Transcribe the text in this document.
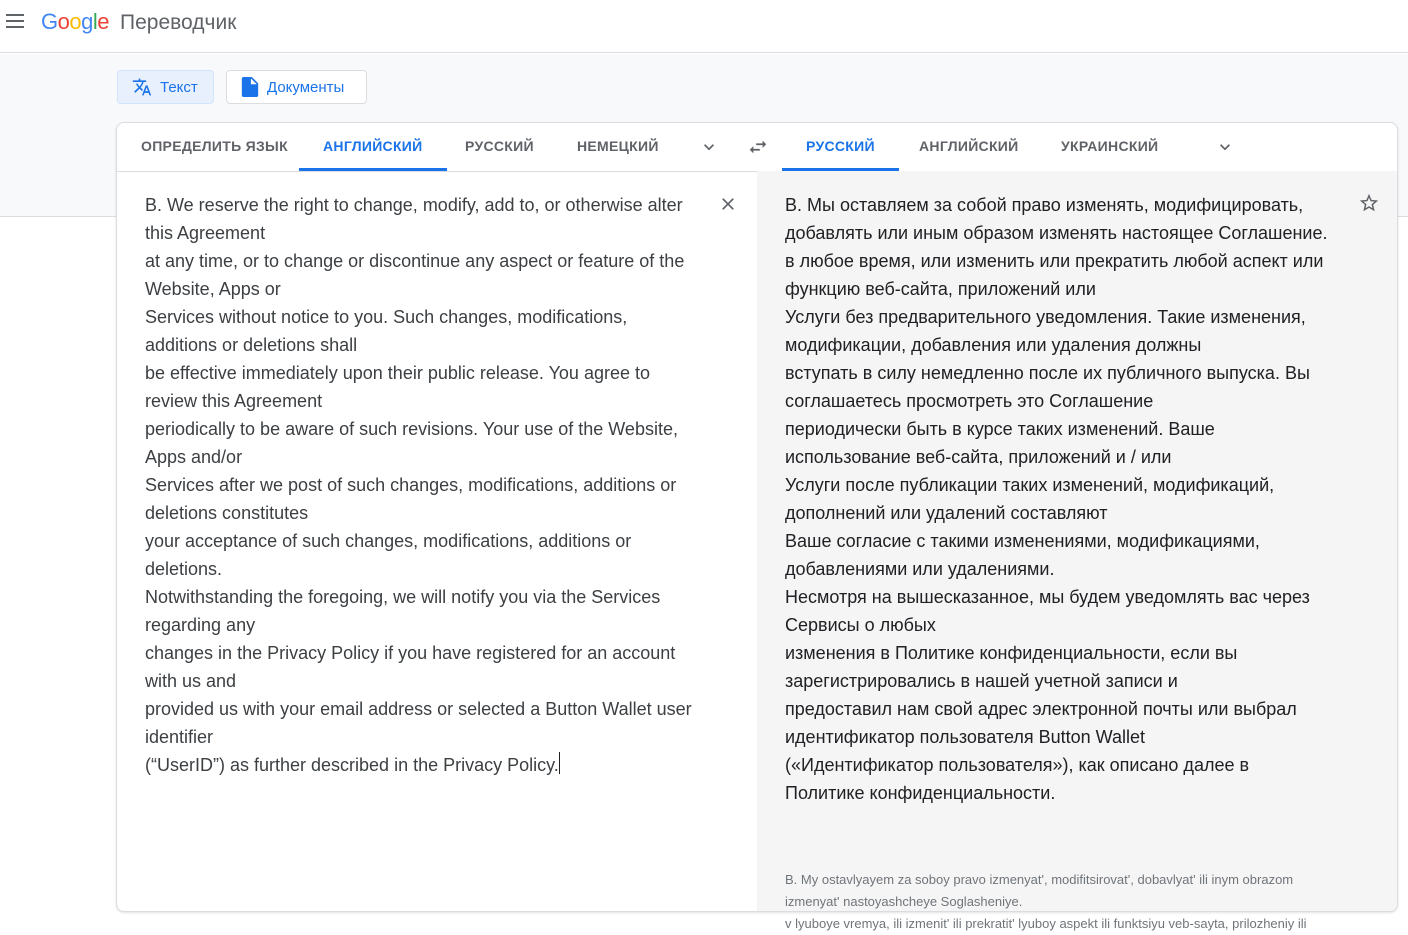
Google Переводчик
Текст	Документы
ОПРЕДЕЛИТЬ ЯЗЫК	АНГЛИЙСКИЙ	РУССКИЙ	НЕМЕЦКИЙ	РУССКИЙ	АНГЛИЙСКИЙ	УКРАИНСКИЙ
B. We reserve the right to change, modify, add to, or otherwise alter
this Agreement
at any time, or to change or discontinue any aspect or feature of the
Website, Apps or
Services without notice to you. Such changes, modifications,
additions or deletions shall
be effective immediately upon their public release. You agree to
review this Agreement
periodically to be aware of such revisions. Your use of the Website,
Apps and/or
Services after we post of such changes, modifications, additions or
deletions constitutes
your acceptance of such changes, modifications, additions or
deletions.
Notwithstanding the foregoing, we will notify you via the Services
regarding any
changes in the Privacy Policy if you have registered for an account
with us and
provided us with your email address or selected a Button Wallet user
identifier
(“UserID”) as further described in the Privacy Policy.
B. Мы оставляем за собой право изменять, модифицировать,
добавлять или иным образом изменять настоящее Соглашение.
в любое время, или изменить или прекратить любой аспект или
функцию веб-сайта, приложений или
Услуги без предварительного уведомления. Такие изменения,
модификации, добавления или удаления должны
вступать в силу немедленно после их публичного выпуска. Вы
соглашаетесь просмотреть это Соглашение
периодически быть в курсе таких изменений. Ваше
использование веб-сайта, приложений и / или
Услуги после публикации таких изменений, модификаций,
дополнений или удалений составляют
Ваше согласие с такими изменениями, модификациями,
добавлениями или удалениями.
Несмотря на вышесказанное, мы будем уведомлять вас через
Сервисы о любых
изменения в Политике конфиденциальности, если вы
зарегистрировались в нашей учетной записи и
предоставил нам свой адрес электронной почты или выбрал
идентификатор пользователя Button Wallet
(«Идентификатор пользователя»), как описано далее в
Политике конфиденциальности.
B. My ostavlyayem za soboy pravo izmenyat', modifitsirovat', dobavlyat' ili inym obrazom
izmenyat' nastoyashcheye Soglasheniye.
v lyuboye vremya, ili izmenit' ili prekratit' lyuboy aspekt ili funktsiyu veb-sayta, prilozheniy ili
